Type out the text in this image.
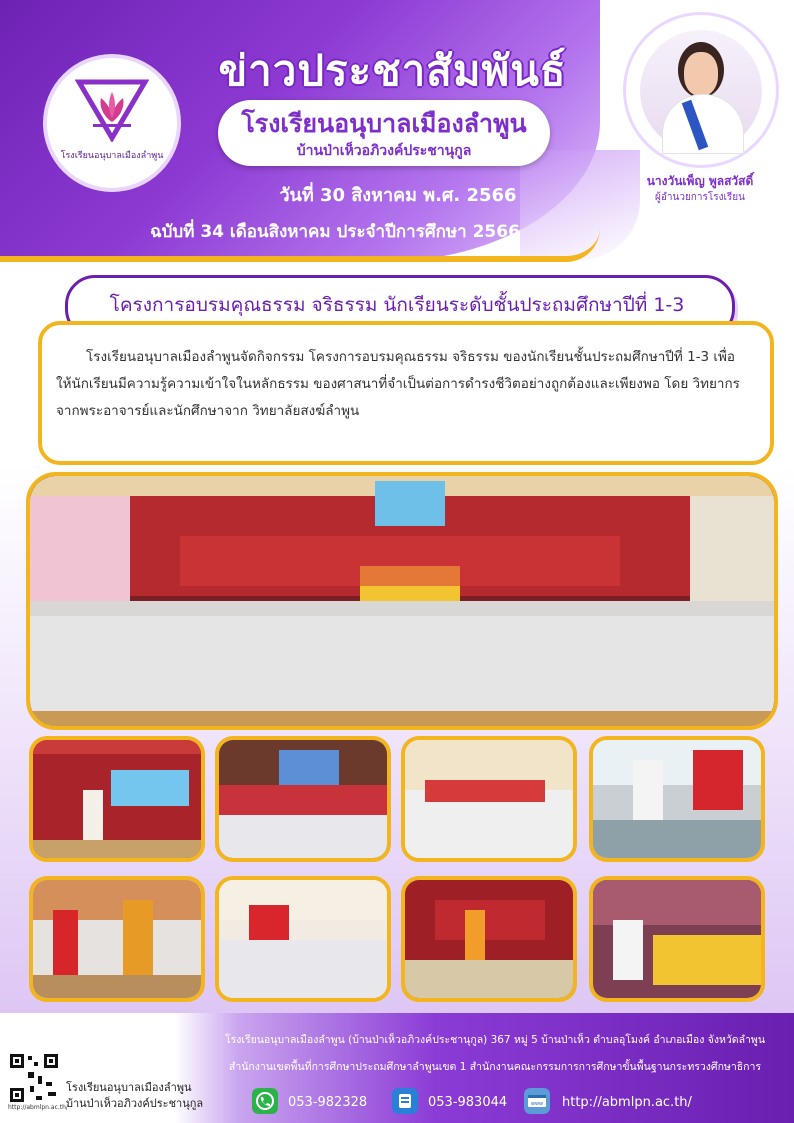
โรงเรียนอนุบาลเมืองลำพูน
ข่าวประชาสัมพันธ์
โรงเรียนอนุบาลเมืองลำพูน
บ้านป่าเห็วอภิวงค์ประชานุกูล
วันที่ 30 สิงหาคม พ.ศ. 2566
ฉบับที่ 34 เดือนสิงหาคม ประจำปีการศึกษา 2566
นางวันเพ็ญ พูลสวัสดิ์
ผู้อำนวยการโรงเรียน
โครงการอบรมคุณธรรม จริธรรม นักเรียนระดับชั้นประถมศึกษาปีที่ 1-3
โรงเรียนอนุบาลเมืองลำพูนจัดกิจกรรม โครงการอบรมคุณธรรม จริธรรม ของนักเรียนชั้นประถมศึกษาปีที่ 1-3 เพื่อให้นักเรียนมีความรู้ความเข้าใจในหลักธรรม ของศาสนาที่จำเป็นต่อการดำรงชีวิตอย่างถูกต้องและเพียงพอ โดย วิทยากรจากพระอาจารย์และนักศึกษาจาก วิทยาลัยสงฆ์ลำพูน
โรงเรียนอนุบาลเมืองลำพูน (บ้านป่าเห็วอภิวงค์ประชานุกูล) 367 หมู่ 5 บ้านป่าเห็ว ตำบลอุโมงค์ อำเภอเมือง จังหวัดลำพูน
สำนักงานเขตพื้นที่การศึกษาประถมศึกษาลำพูนเขต 1 สำนักงานคณะกรรมการการศึกษาขั้นพื้นฐานกระทรวงศึกษาธิการ
http://abmlpn.ac.th/
โรงเรียนอนุบาลเมืองลำพูน
บ้านป่าเห็วอภิวงค์ประชานุกูล	053-982328	053-983044	www http://abmlpn.ac.th/
